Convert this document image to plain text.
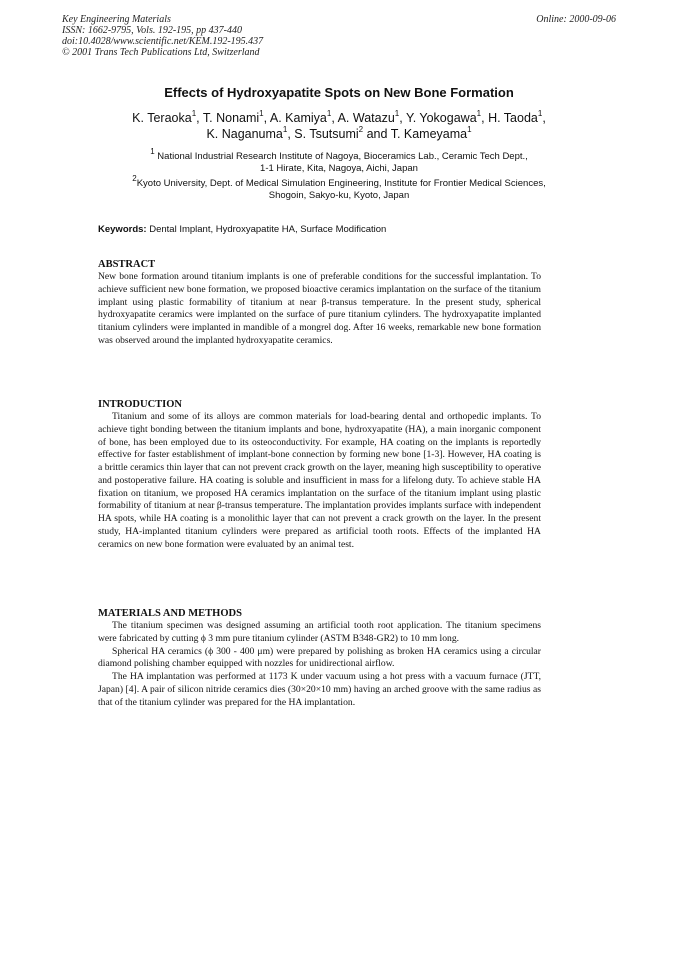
Key Engineering Materials
ISSN: 1662-9795, Vols. 192-195, pp 437-440
doi:10.4028/www.scientific.net/KEM.192-195.437
© 2001 Trans Tech Publications Ltd, Switzerland
Online: 2000-09-06
Effects of Hydroxyapatite Spots on New Bone Formation
K. Teraoka$^1$, T. Nonami$^1$, A. Kamiya$^1$, A. Watazu$^1$, Y. Yokogawa$^1$, H. Taoda$^1$,
K. Naganuma$^1$, S. Tsutsumi$^2$ and T. Kameyama$^1$
$^1$ National Industrial Research Institute of Nagoya, Bioceramics Lab., Ceramic Tech Dept.,
1-1 Hirate, Kita, Nagoya, Aichi, Japan
$^2$Kyoto University, Dept. of Medical Simulation Engineering, Institute for Frontier Medical Sciences,
Shogoin, Sakyo-ku, Kyoto, Japan
Keywords: Dental Implant, Hydroxyapatite HA, Surface Modification
ABSTRACT

New bone formation around titanium implants is one of preferable conditions for the successful implantation. To achieve sufficient new bone formation, we proposed bioactive ceramics implantation on the surface of the titanium implant using plastic formability of titanium at near β-transus temperature. In the present study, spherical hydroxyapatite ceramics were implanted on the surface of pure titanium cylinders. The hydroxyapatite implanted titanium cylinders were implanted in mandible of a mongrel dog. After 16 weeks, remarkable new bone formation was observed around the implanted hydroxyapatite ceramics.

INTRODUCTION

Titanium and some of its alloys are common materials for load-bearing dental and orthopedic implants. To achieve tight bonding between the titanium implants and bone, hydroxyapatite (HA), a main inorganic component of bone, has been employed due to its osteoconductivity. For example, HA coating on the implants is reportedly effective for faster establishment of implant-bone connection by forming new bone [1-3]. However, HA coating is a brittle ceramics thin layer that can not prevent crack growth on the layer, meaning high susceptibility to operative and postoperative failure. HA coating is soluble and insufficient in mass for a lifelong duty. To achieve stable HA fixation on titanium, we proposed HA ceramics implantation on the surface of the titanium implant using plastic formability of titanium at near β-transus temperature. The implantation provides implants surface with independent HA spots, while HA coating is a monolithic layer that can not prevent a crack growth on the layer. In the present study, HA-implanted titanium cylinders were prepared as artificial tooth roots. Effects of the implanted HA ceramics on new bone formation were evaluated by an animal test.

MATERIALS AND METHODS

The titanium specimen was designed assuming an artificial tooth root application. The titanium specimens were fabricated by cutting ϕ 3 mm pure titanium cylinder (ASTM B348-GR2) to 10 mm long.

Spherical HA ceramics (ϕ 300 - 400 μm) were prepared by polishing as broken HA ceramics using a circular diamond polishing chamber equipped with nozzles for unidirectional airflow.

The HA implantation was performed at 1173 K under vacuum using a hot press with a vacuum furnace (JTT, Japan) [4]. A pair of silicon nitride ceramics dies (30×20×10 mm) having an arched groove with the same radius as that of the titanium cylinder was prepared for the HA implantation.
